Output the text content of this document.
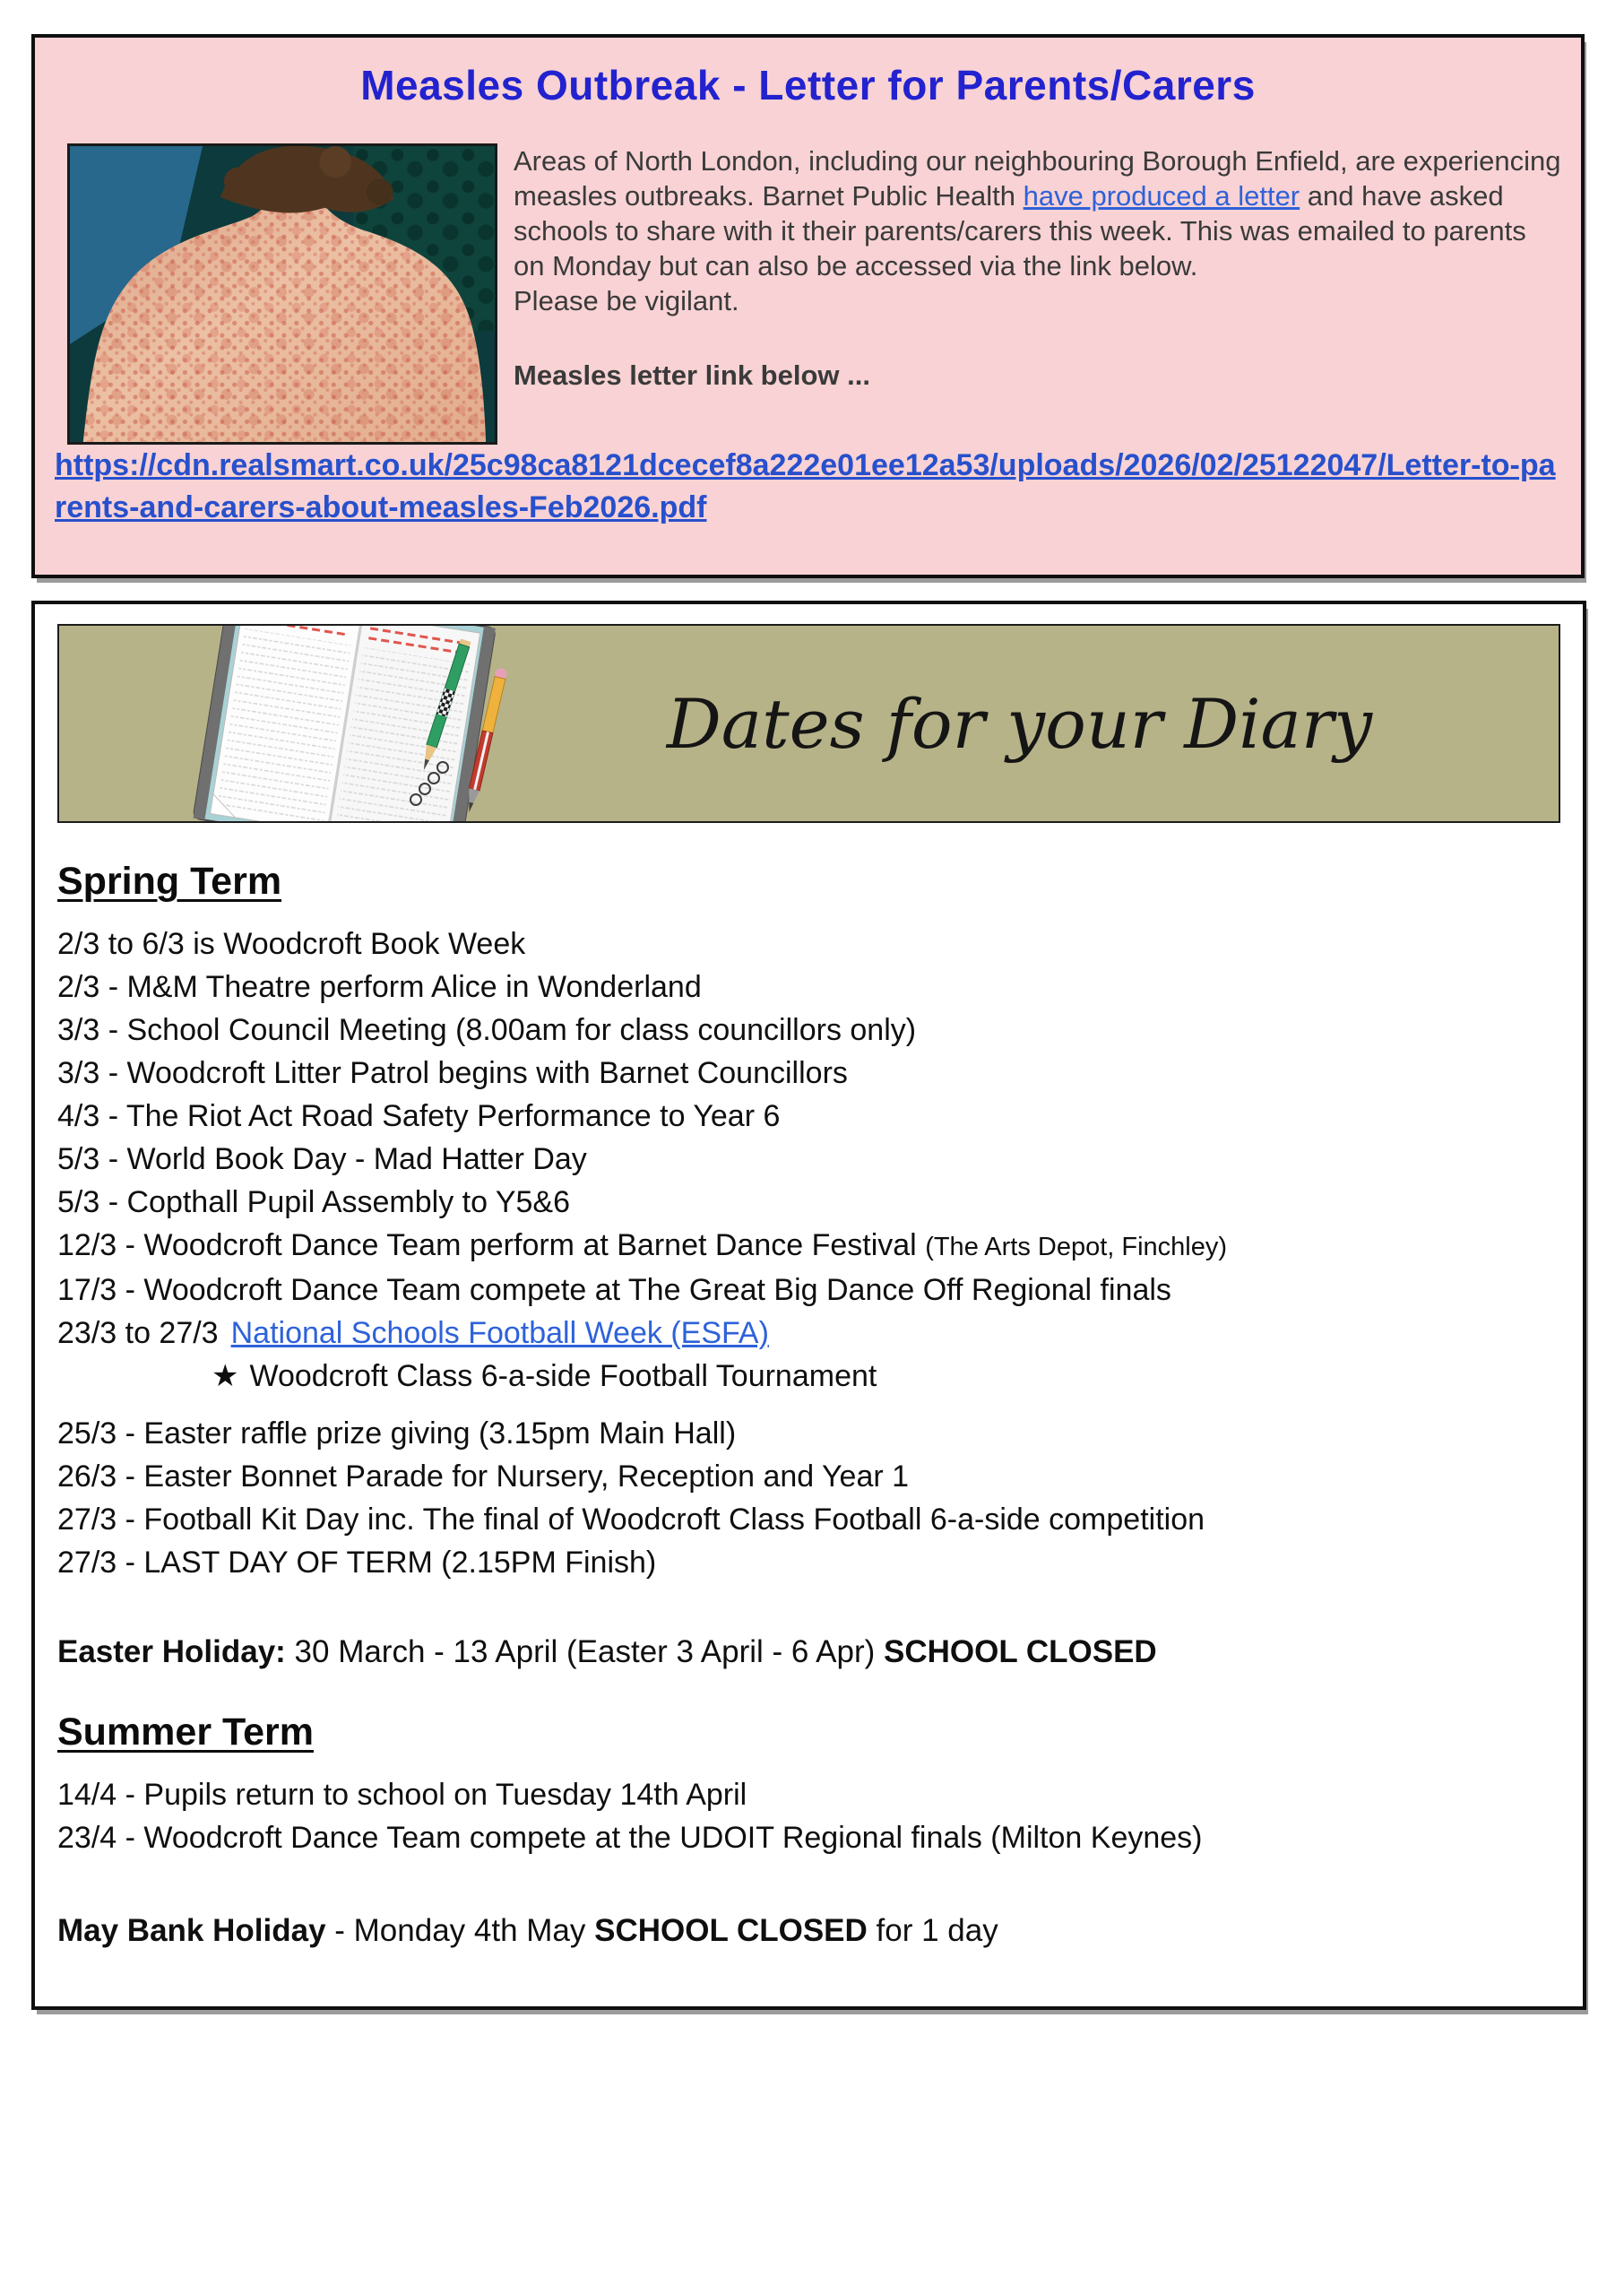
Measles Outbreak - Letter for Parents/Carers

Areas of North London, including our neighbouring Borough Enfield, are experiencing measles outbreaks. Barnet Public Health have produced a letter and have asked schools to share with it their parents/carers this week. This was emailed to parents on Monday but can also be accessed via the link below.

Please be vigilant.

Measles letter link below ...

https://cdn.realsmart.co.uk/25c98ca8121dcecef8a222e01ee12a53/uploads/2026/02/25122047/Letter-to-parents-and-carers-about-measles-Feb2026.pdf
Dates for your Diary
Spring Term
2/3 to 6/3 is Woodcroft Book Week
2/3 - M&M Theatre perform Alice in Wonderland
3/3 - School Council Meeting (8.00am for class councillors only)
3/3 - Woodcroft Litter Patrol begins with Barnet Councillors
4/3 - The Riot Act Road Safety Performance to Year 6
5/3 - World Book Day - Mad Hatter Day
5/3 - Copthall Pupil Assembly to Y5&6
12/3 - Woodcroft Dance Team perform at Barnet Dance Festival (The Arts Depot, Finchley)
17/3 - Woodcroft Dance Team compete at The Great Big Dance Off Regional finals
23/3 to 27/3 National Schools Football Week (ESFA)
★ Woodcroft Class 6-a-side Football Tournament
25/3 - Easter raffle prize giving (3.15pm Main Hall)
26/3 - Easter Bonnet Parade for Nursery, Reception and Year 1
27/3 - Football Kit Day inc. The final of Woodcroft Class Football 6-a-side competition
27/3 - LAST DAY OF TERM (2.15PM Finish)

Easter Holiday: 30 March - 13 April (Easter 3 April - 6 Apr) SCHOOL CLOSED

Summer Term
14/4 - Pupils return to school on Tuesday 14th April
23/4 - Woodcroft Dance Team compete at the UDOIT Regional finals (Milton Keynes)

May Bank Holiday - Monday 4th May SCHOOL CLOSED for 1 day
